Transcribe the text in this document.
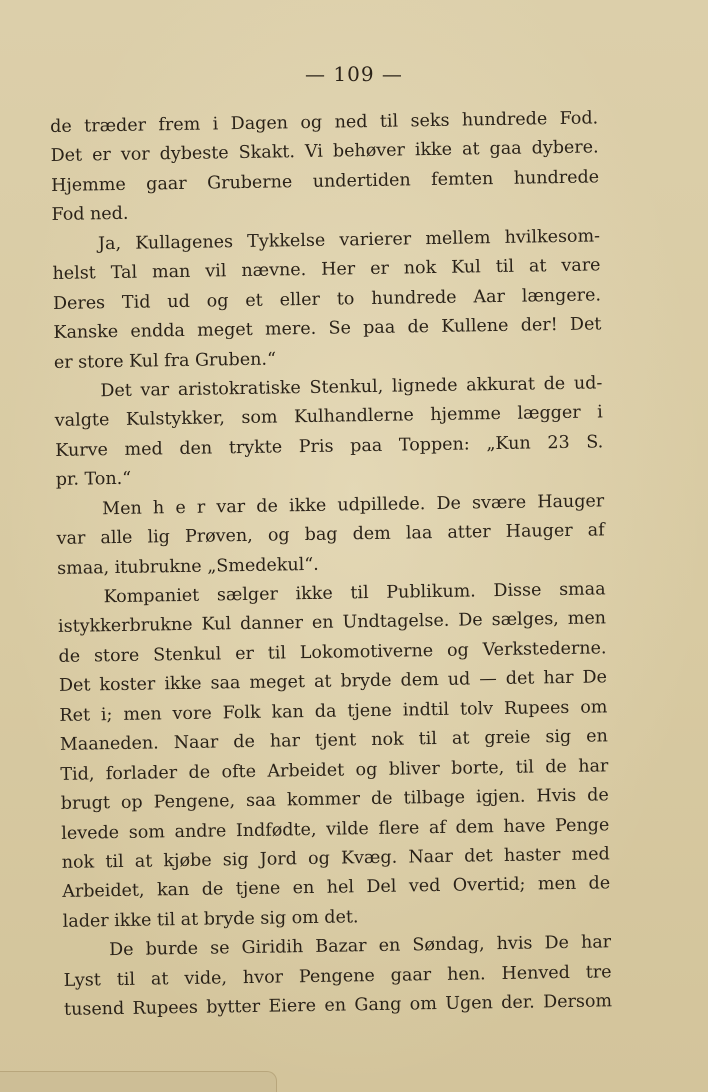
— 109 —
de træder frem i Dagen og ned til seks hundrede Fod.
Det er vor dybeste Skakt. Vi behøver ikke at gaa dybere.
Hjemme gaar Gruberne undertiden femten hundrede
Fod ned.
Ja, Kullagenes Tykkelse varierer mellem hvilkesom-
helst Tal man vil nævne. Her er nok Kul til at vare
Deres Tid ud og et eller to hundrede Aar længere.
Kanske endda meget mere. Se paa de Kullene der! Det
er store Kul fra Gruben.“
Det var aristokratiske Stenkul, lignede akkurat de ud-
valgte Kulstykker, som Kulhandlerne hjemme lægger i
Kurve med den trykte Pris paa Toppen: „Kun 23 S.
pr. Ton.“
Men h e r var de ikke udpillede. De svære Hauger
var alle lig Prøven, og bag dem laa atter Hauger af
smaa, itubrukne „Smedekul“.
Kompaniet sælger ikke til Publikum. Disse smaa
istykkerbrukne Kul danner en Undtagelse. De sælges, men
de store Stenkul er til Lokomotiverne og Verkstederne.
Det koster ikke saa meget at bryde dem ud — det har De
Ret i; men vore Folk kan da tjene indtil tolv Rupees om
Maaneden. Naar de har tjent nok til at greie sig en
Tid, forlader de ofte Arbeidet og bliver borte, til de har
brugt op Pengene, saa kommer de tilbage igjen. Hvis de
levede som andre Indfødte, vilde flere af dem have Penge
nok til at kjøbe sig Jord og Kvæg. Naar det haster med
Arbeidet, kan de tjene en hel Del ved Overtid; men de
lader ikke til at bryde sig om det.
De burde se Giridih Bazar en Søndag, hvis De har
Lyst til at vide, hvor Pengene gaar hen. Henved tre
tusend Rupees bytter Eiere en Gang om Ugen der. Dersom
